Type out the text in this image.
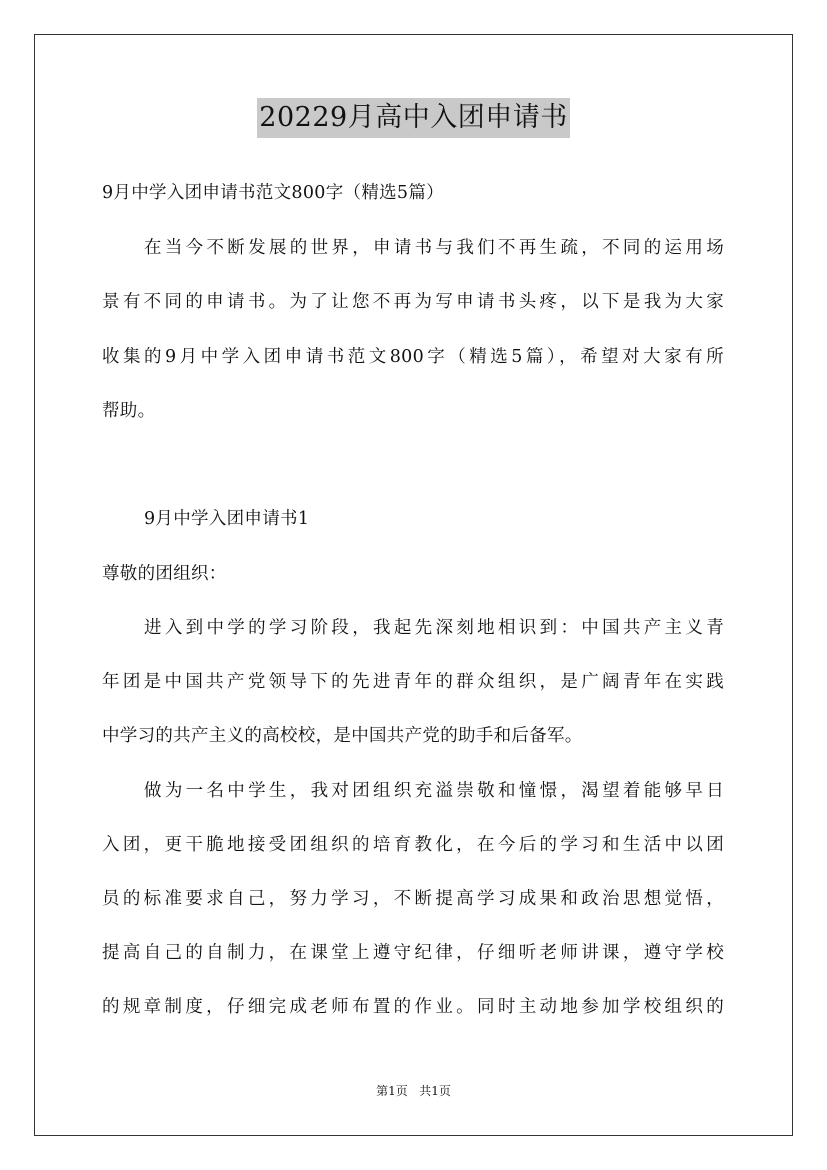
20229月高中入团申请书
9月中学入团申请书范文800字（精选5篇）
在当今不断发展的世界，申请书与我们不再生疏，不同的运用场
景有不同的申请书。为了让您不再为写申请书头疼，以下是我为大家
收集的9月中学入团申请书范文800字（精选5篇），希望对大家有所
帮助。
9月中学入团申请书1
尊敬的团组织：
进入到中学的学习阶段，我起先深刻地相识到：中国共产主义青
年团是中国共产党领导下的先进青年的群众组织，是广阔青年在实践
中学习的共产主义的高校校，是中国共产党的助手和后备军。
做为一名中学生，我对团组织充溢崇敬和憧憬，渴望着能够早日
入团，更干脆地接受团组织的培育教化，在今后的学习和生活中以团
员的标准要求自己，努力学习，不断提高学习成果和政治思想觉悟，
提高自己的自制力，在课堂上遵守纪律，仔细听老师讲课，遵守学校
的规章制度，仔细完成老师布置的作业。同时主动地参加学校组织的
第1页 共1页
